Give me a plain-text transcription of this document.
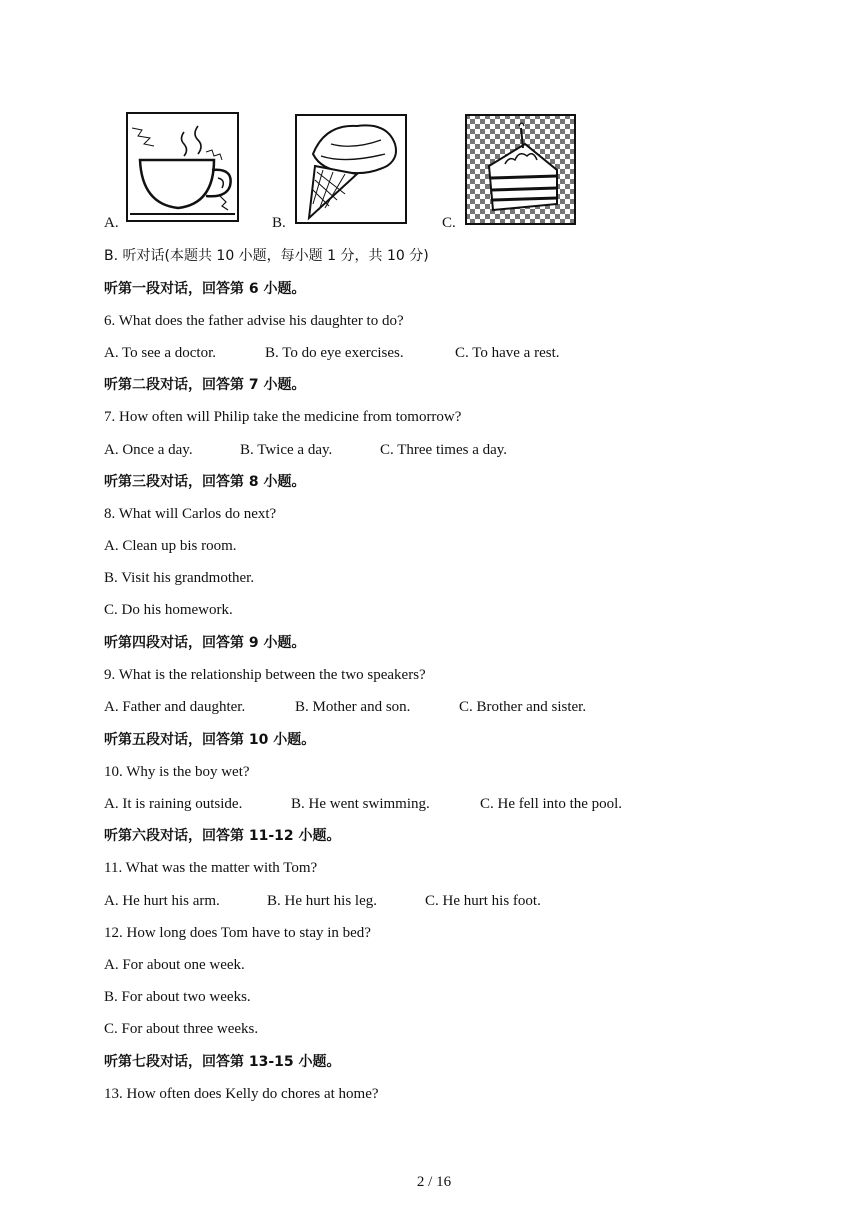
A.	B.	C.
B. 听对话(本题共 10 小题，每小题 1 分，共 10 分)
听第一段对话，回答第 6 小题。
6. What does the father advise his daughter to do?
A. To see a doctor.	B. To do eye exercises.	C. To have a rest.
听第二段对话，回答第 7 小题。
7. How often will Philip take the medicine from tomorrow?
A. Once a day.	B. Twice a day.	C. Three times a day.
听第三段对话，回答第 8 小题。
8. What will Carlos do next?
A. Clean up bis room.
B. Visit his grandmother.
C. Do his homework.
听第四段对话，回答第 9 小题。
9. What is the relationship between the two speakers?
A. Father and daughter.	B. Mother and son.	C. Brother and sister.
听第五段对话，回答第 10 小题。
10. Why is the boy wet?
A. It is raining outside.	B. He went swimming.	C. He fell into the pool.
听第六段对话，回答第 11-12 小题。
11. What was the matter with Tom?
A. He hurt his arm.	B. He hurt his leg.	C. He hurt his foot.
12. How long does Tom have to stay in bed?
A. For about one week.
B. For about two weeks.
C. For about three weeks.
听第七段对话，回答第 13-15 小题。
13. How often does Kelly do chores at home?
2 / 16
